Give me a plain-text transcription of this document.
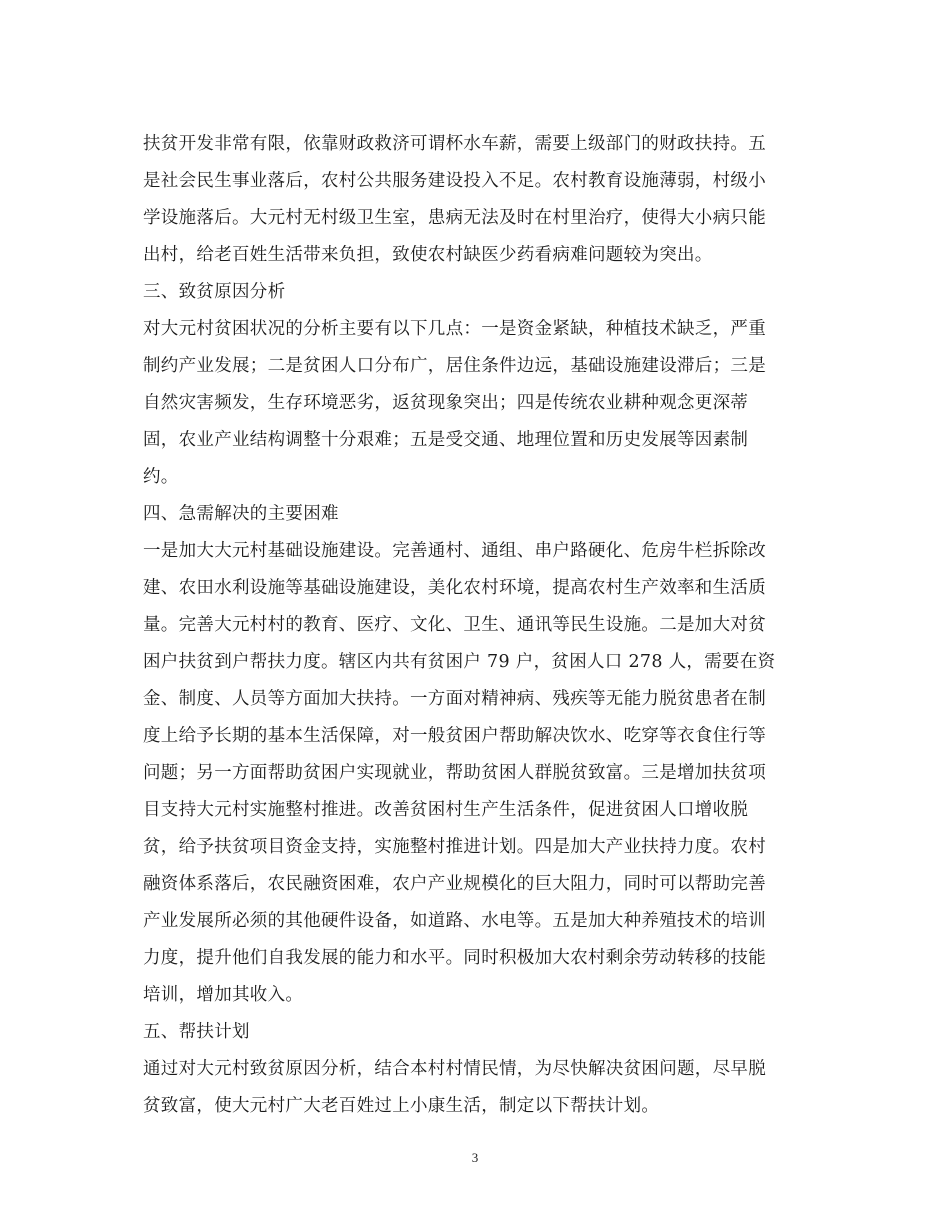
扶贫开发非常有限，依靠财政救济可谓杯水车薪，需要上级部门的财政扶持。五
是社会民生事业落后，农村公共服务建设投入不足。农村教育设施薄弱，村级小
学设施落后。大元村无村级卫生室，患病无法及时在村里治疗，使得大小病只能
出村，给老百姓生活带来负担，致使农村缺医少药看病难问题较为突出。
三、致贫原因分析
对大元村贫困状况的分析主要有以下几点：一是资金紧缺，种植技术缺乏，严重
制约产业发展；二是贫困人口分布广，居住条件边远，基础设施建设滞后；三是
自然灾害频发，生存环境恶劣，返贫现象突出；四是传统农业耕种观念更深蒂
固，农业产业结构调整十分艰难；五是受交通、地理位置和历史发展等因素制
约。
四、急需解决的主要困难
一是加大大元村基础设施建设。完善通村、通组、串户路硬化、危房牛栏拆除改
建、农田水利设施等基础设施建设，美化农村环境，提高农村生产效率和生活质
量。完善大元村村的教育、医疗、文化、卫生、通讯等民生设施。二是加大对贫
困户扶贫到户帮扶力度。辖区内共有贫困户 79 户，贫困人口 278 人，需要在资
金、制度、人员等方面加大扶持。一方面对精神病、残疾等无能力脱贫患者在制
度上给予长期的基本生活保障，对一般贫困户帮助解决饮水、吃穿等衣食住行等
问题；另一方面帮助贫困户实现就业，帮助贫困人群脱贫致富。三是增加扶贫项
目支持大元村实施整村推进。改善贫困村生产生活条件，促进贫困人口增收脱
贫，给予扶贫项目资金支持，实施整村推进计划。四是加大产业扶持力度。农村
融资体系落后，农民融资困难，农户产业规模化的巨大阻力，同时可以帮助完善
产业发展所必须的其他硬件设备，如道路、水电等。五是加大种养殖技术的培训
力度，提升他们自我发展的能力和水平。同时积极加大农村剩余劳动转移的技能
培训，增加其收入。
五、帮扶计划
通过对大元村致贫原因分析，结合本村村情民情，为尽快解决贫困问题，尽早脱
贫致富，使大元村广大老百姓过上小康生活，制定以下帮扶计划。
3
